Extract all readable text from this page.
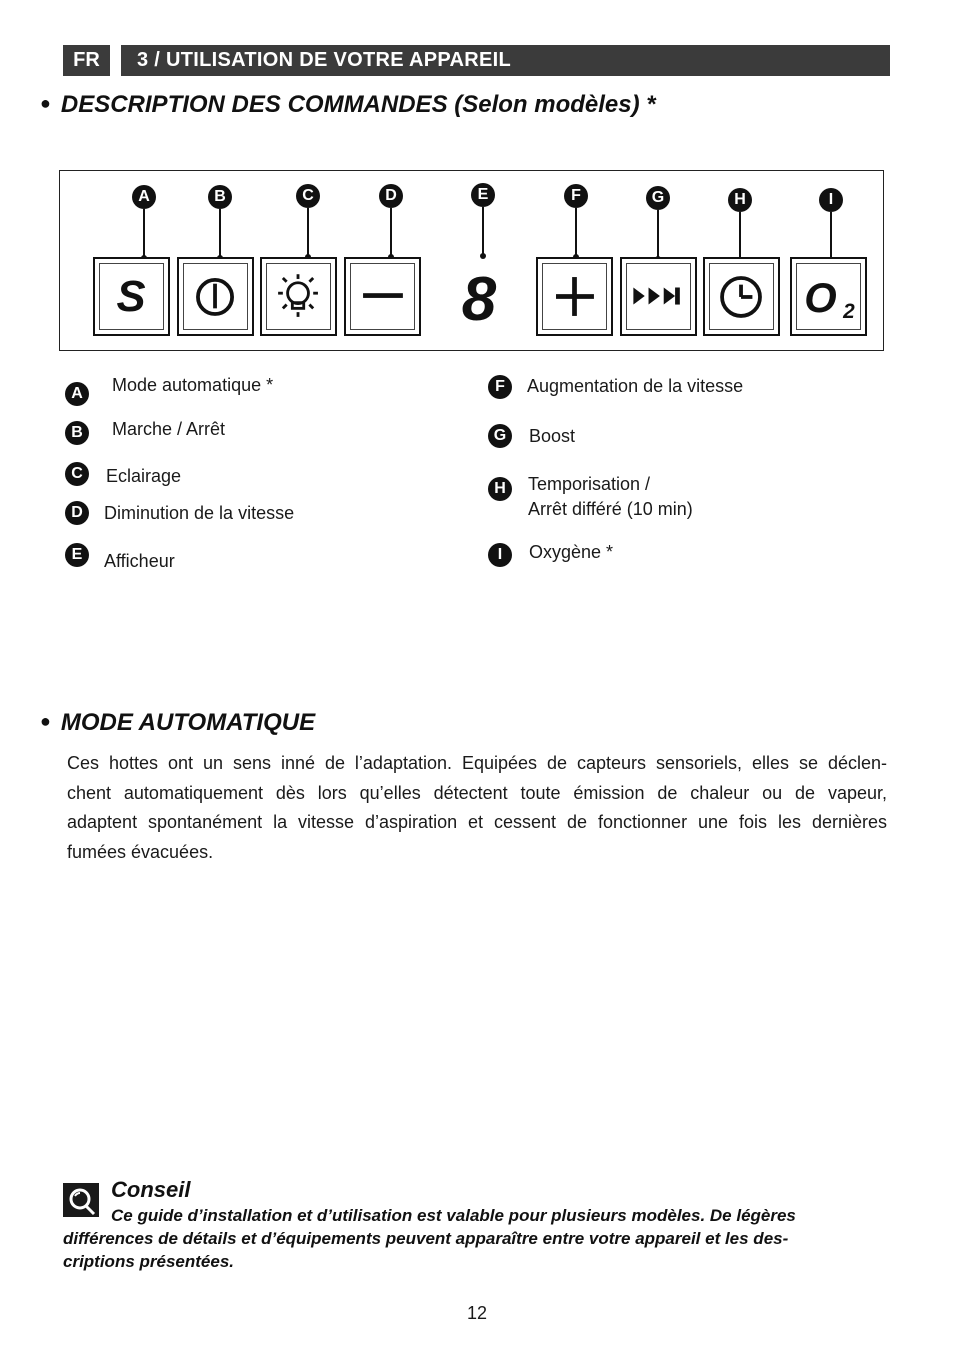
FR	3 / UTILISATION DE VOTRE APPAREIL
● DESCRIPTION DES COMMANDES (Selon modèles) *
A	B	C	D	E	F	G	H	I
S	8	O 2
A	Mode automatique *
B	Marche / Arrêt
C	Eclairage
D	Diminution de la vitesse
E	Afficheur
F	Augmentation de la vitesse
G	Boost
H	Temporisation /
Arrêt différé (10 min)
I	Oxygène *
● MODE AUTOMATIQUE
Ces hottes ont un sens inné de l’adaptation. Equipées de capteurs sensoriels, elles se déclen-
chent automatiquement dès lors qu’elles détectent toute émission de chaleur ou de vapeur,
adaptent spontanément la vitesse d’aspiration et cessent de fonctionner une fois les dernières
fumées évacuées.
Conseil
Ce guide d’installation et d’utilisation est valable pour plusieurs modèles. De légères
différences de détails et d’équipements peuvent apparaître entre votre appareil et les des-
criptions présentées.
12
